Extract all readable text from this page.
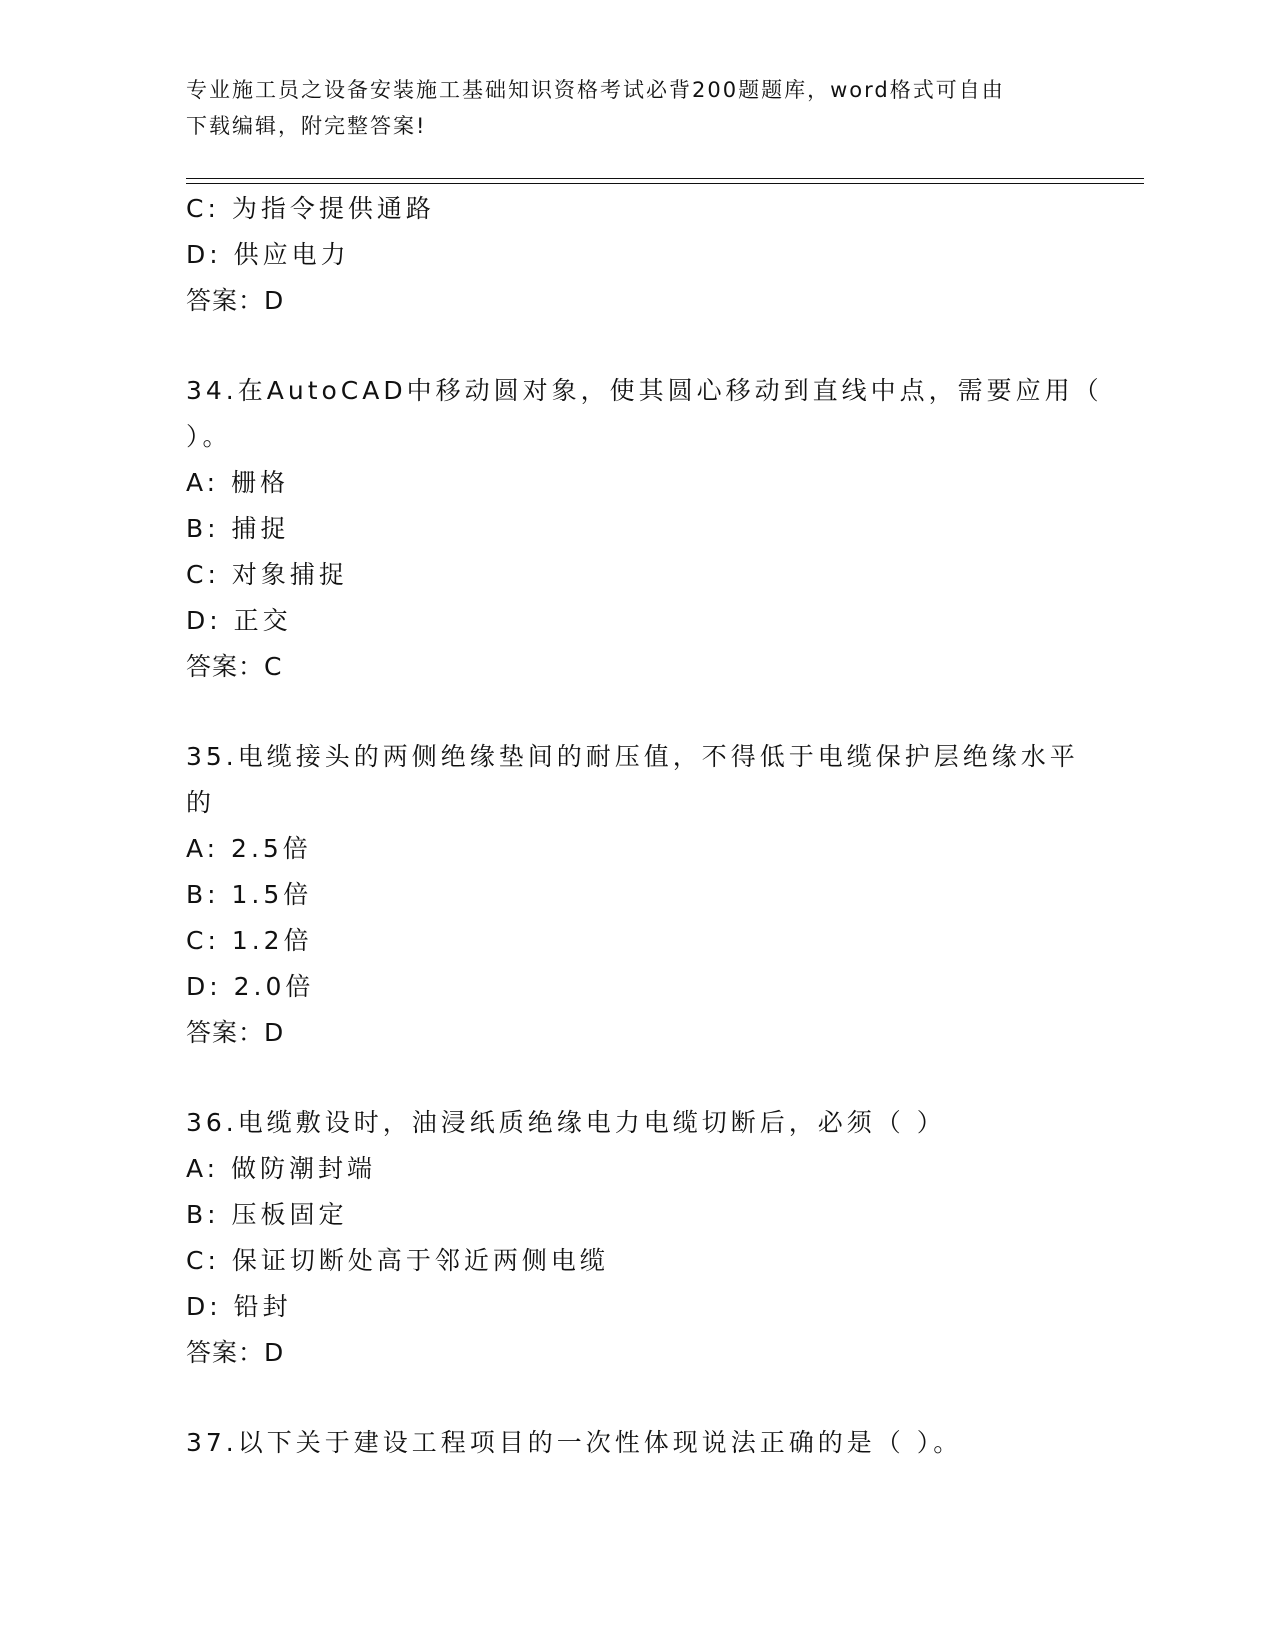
专业施工员之设备安装施工基础知识资格考试必背200题题库，word格式可自由
下载编辑，附完整答案!
C: 为指令提供通路
D: 供应电力
答案：D
34.在AutoCAD中移动圆对象，使其圆心移动到直线中点，需要应用（
）。
A: 栅格
B: 捕捉
C: 对象捕捉
D: 正交
答案：C
35.电缆接头的两侧绝缘垫间的耐压值，不得低于电缆保护层绝缘水平
的
A: 2.5倍
B: 1.5倍
C: 1.2倍
D: 2.0倍
答案：D
36.电缆敷设时，油浸纸质绝缘电力电缆切断后，必须（ ）
A: 做防潮封端
B: 压板固定
C: 保证切断处高于邻近两侧电缆
D: 铅封
答案：D
37.以下关于建设工程项目的一次性体现说法正确的是（ ）。
